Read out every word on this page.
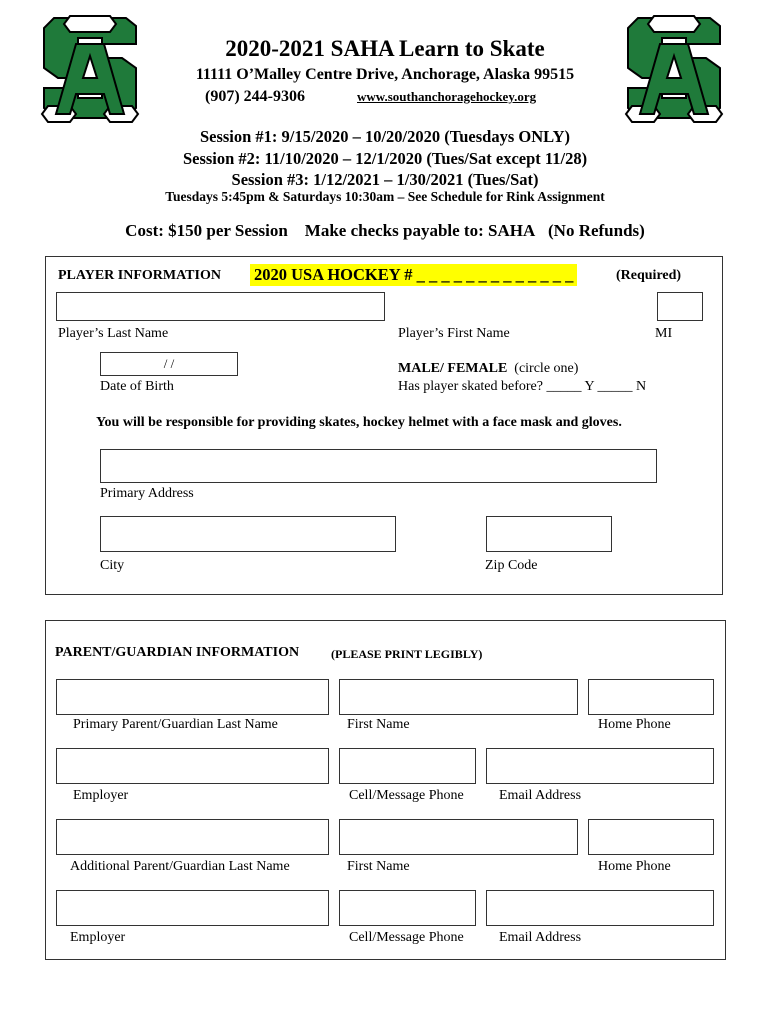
2020-2021 SAHA Learn to Skate
11111 O’Malley Centre Drive, Anchorage, Alaska 99515
(907) 244-9306	www.southanchoragehockey.org
Session #1: 9/15/2020 – 10/20/2020 (Tuesdays ONLY)
Session #2: 11/10/2020 – 12/1/2020 (Tues/Sat except 11/28)
Session #3: 1/12/2021 – 1/30/2021 (Tues/Sat)
Tuesdays 5:45pm & Saturdays 10:30am – See Schedule for Rink Assignment
Cost: $150 per Session Make checks payable to: SAHA (No Refunds)
PLAYER INFORMATION 2020 USA HOCKEY # _ _ _ _ _ _ _ _ _ _ _ _ _	(Required)
Player’s Last Name	Player’s First Name	MI
/ /
Date of Birth
MALE/ FEMALE (circle one)
Has player skated before? _____ Y _____ N
You will be responsible for providing skates, hockey helmet with a face mask and gloves.
Primary Address
City	Zip Code
PARENT/GUARDIAN INFORMATION	(PLEASE PRINT LEGIBLY)
Primary Parent/Guardian Last Name	First Name	Home Phone
Employer	Cell/Message Phone	Email Address
Additional Parent/Guardian Last Name	First Name	Home Phone
Employer	Cell/Message Phone	Email Address
